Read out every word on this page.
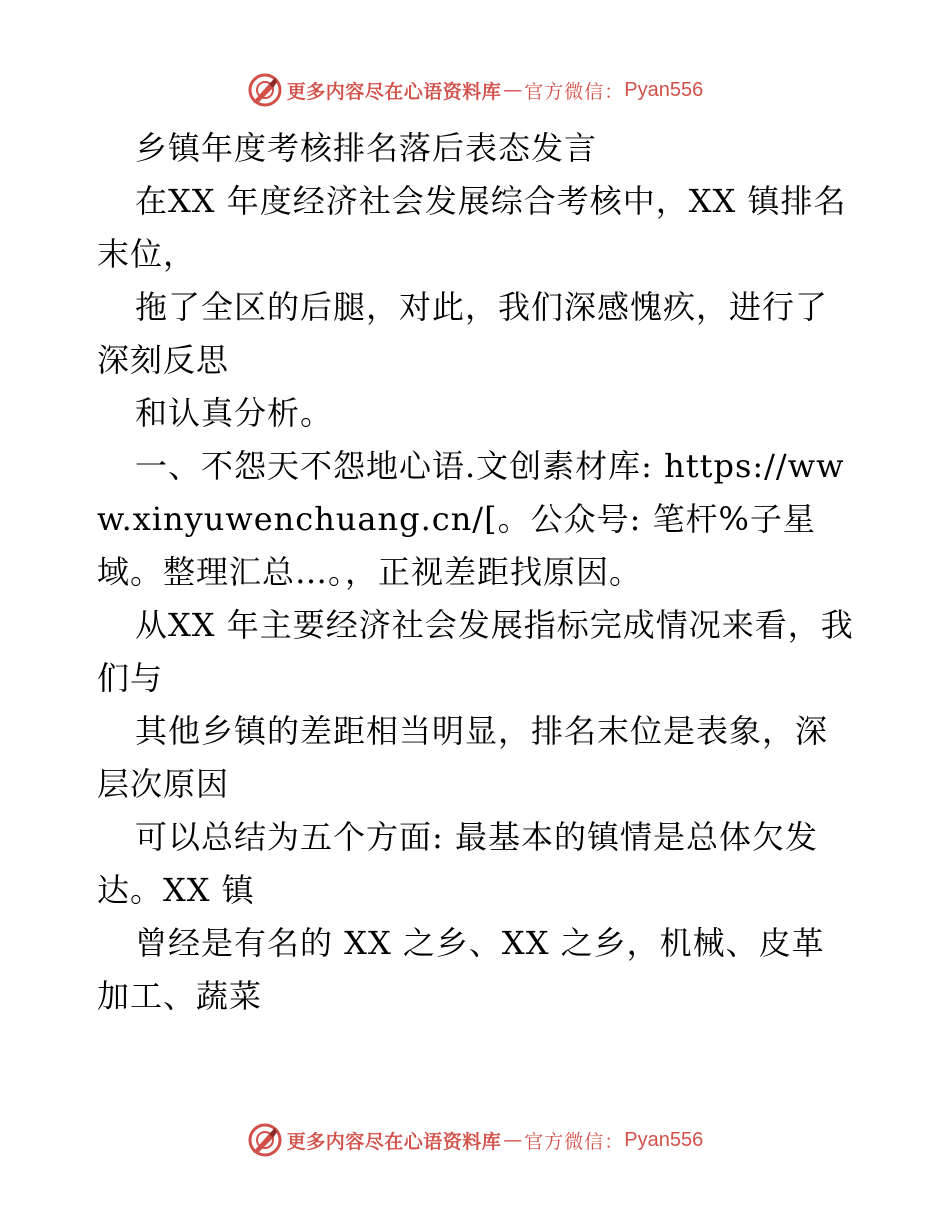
更多内容尽在心语资料库 — 官方微信： Pyan556

乡镇年度考核排名落后表态发言

在XX 年度经济社会发展综合考核中，XX 镇排名末位，

拖了全区的后腿，对此，我们深感愧疚，进行了深刻反思

和认真分析。

一、不怨天不怨地心语.文创素材库: https://www.xinyuwenchuang.cn/[。公众号: 笔杆%子星域。整理汇总…。，正视差距找原因。

从XX 年主要经济社会发展指标完成情况来看，我们与

其他乡镇的差距相当明显，排名末位是表象，深层次原因

可以总结为五个方面: 最基本的镇情是总体欠发达。XX 镇

曾经是有名的 XX 之乡、XX 之乡，机械、皮革加工、蔬菜

更多内容尽在心语资料库 — 官方微信： Pyan556
